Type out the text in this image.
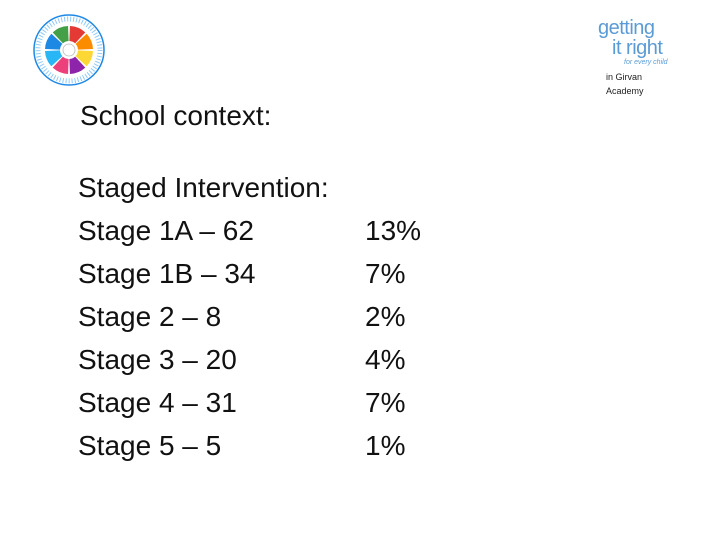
getting
it right
for every child
in Girvan
Academy
School context:
Staged Intervention:
Stage 1A – 62	13%
Stage 1B – 34	7%
Stage 2 – 8	2%
Stage 3 – 20	4%
Stage 4 – 31	7%
Stage 5 – 5	1%
